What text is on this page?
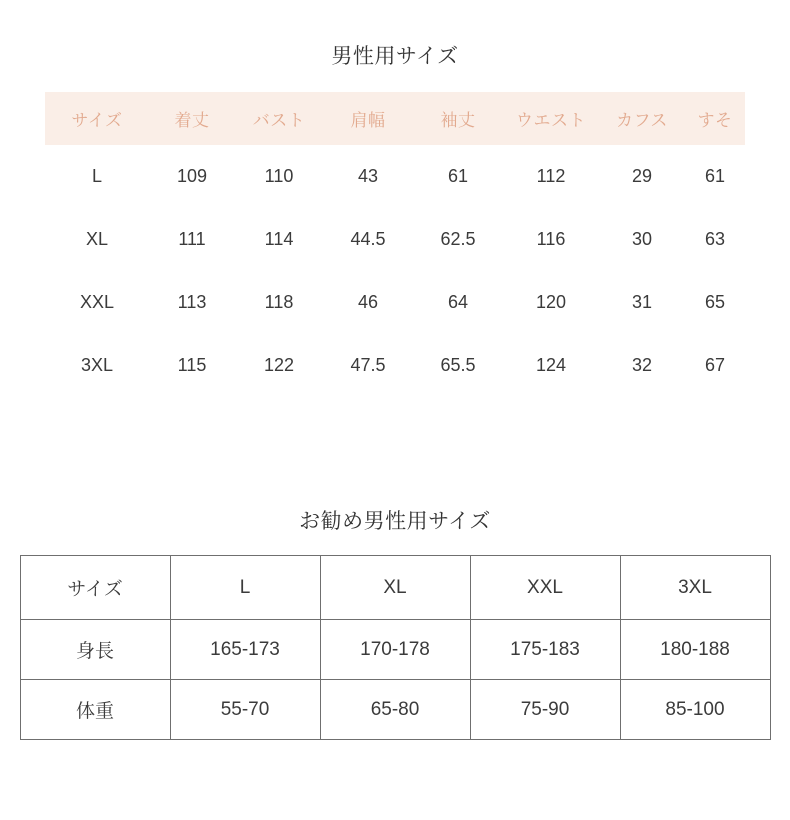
男性用サイズ
サイズ	着丈	バスト	肩幅	袖丈	ウエスト	カフス	すそ
L	109	110	43	61	112	29	61
XL	111	114	44.5	62.5	116	30	63
XXL	113	118	46	64	120	31	65
3XL	115	122	47.5	65.5	124	32	67
お勧め男性用サイズ
サイズ	L	XL	XXL	3XL
身長	165-173	170-178	175-183	180-188
体重	55-70	65-80	75-90	85-100
